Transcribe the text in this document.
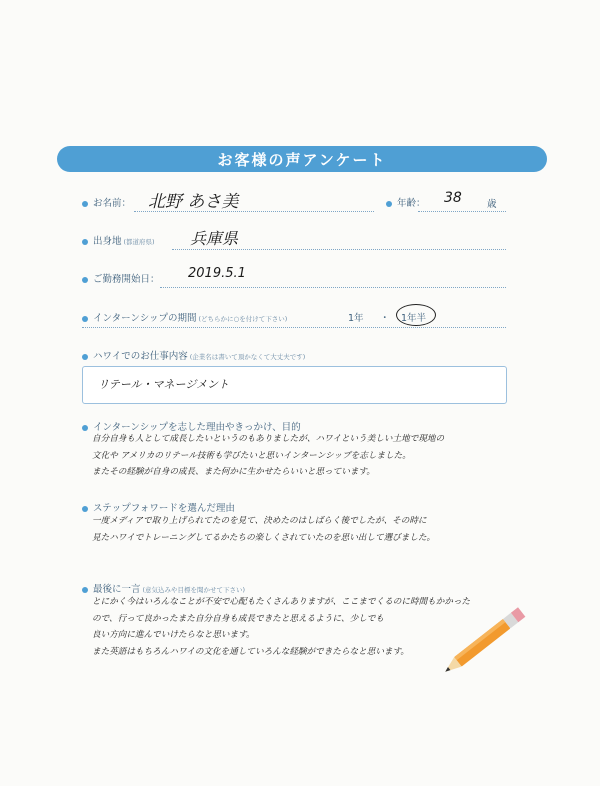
お客様の声アンケート
お名前： 北野 あさ美	年齢： 38	歳
出身地 (都道府県) 兵庫県
ご勤務開始日： 2019.5.1
インターンシップの期間 (どちらかに○を付けて下さい)	1年 ・ 1年半
ハワイでのお仕事内容 (企業名は書いて頂かなくて大丈夫です)
リテール・マネージメント
インターンシップを志した理由やきっかけ、目的
自分自身も人として成長したいというのもありましたが、ハワイという美しい土地で現地の
文化や アメリカのリテール技術も学びたいと思いインターンシップを志しました。
またその経験が自身の成長、また何かに生かせたらいいと思っています。
ステップフォワードを選んだ理由
一度メディアで取り上げられてたのを見て、決めたのはしばらく後でしたが、その時に
見たハワイでトレーニングしてるかたちの楽しくされていたのを思い出して選びました。
最後に一言 (意気込みや目標を聞かせて下さい)
とにかく今はいろんなことが不安で心配もたくさんありますが、ここまでくるのに時間もかかった
ので、行って良かったまた自分自身も成長できたと思えるように、少しでも
良い方向に進んでいけたらなと思います。
また英語はもちろんハワイの文化を通していろんな経験ができたらなと思います。
